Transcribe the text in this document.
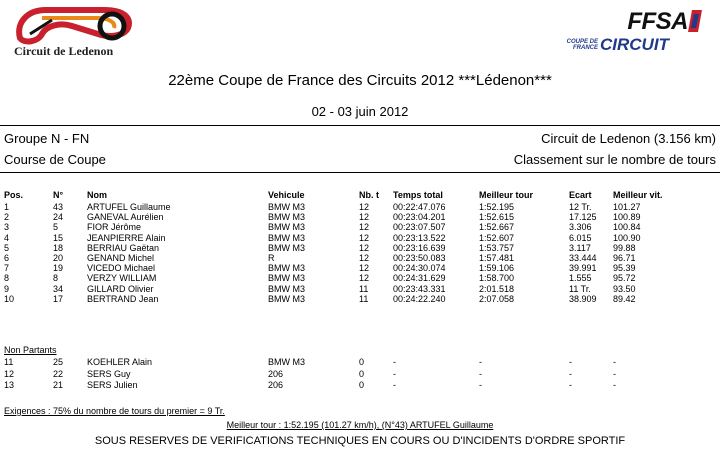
Circuit de Ledenon
FFSA
COUPE DE FRANCE CIRCUIT
22ème Coupe de France des Circuits 2012 ***Lédenon***
02 - 03 juin 2012
Groupe N - FN
Course de Coupe
Circuit de Ledenon (3.156 km)
Classement sur le nombre de tours
Pos.	N°	Nom	Vehicule	Nb. t	Temps total	Meilleur tour	Ecart	Meilleur vit.
1	43	ARTUFEL Guillaume	BMW M3	12	00:22:47.076	1:52.195	12 Tr.	101.27
2	24	GANEVAL Aurélien	BMW M3	12	00:23:04.201	1:52.615	17.125	100.89
3	5	FIOR Jérôme	BMW M3	12	00:23:07.507	1:52.667	3.306	100.84
4	15	JEANPIERRE Alain	BMW M3	12	00:23:13.522	1:52.607	6.015	100.90
5	18	BERRIAU Gaëtan	BMW M3	12	00:23:16.639	1:53.757	3.117	99.88
6	20	GENAND Michel	R	12	00:23:50.083	1:57.481	33.444	96.71
7	19	VICEDO Michael	BMW M3	12	00:24:30.074	1:59.106	39.991	95.39
8	8	VERZY WILLIAM	BMW M3	12	00:24:31.629	1:58.700	1.555	95.72
9	34	GILLARD Olivier	BMW M3	11	00:23:43.331	2:01.518	11 Tr.	93.50
10	17	BERTRAND Jean	BMW M3	11	00:24:22.240	2:07.058	38.909	89.42
Non Partants
11	25	KOEHLER Alain	BMW M3	0	-	-	-	-
12	22	SERS Guy	206	0	-	-	-	-
13	21	SERS Julien	206	0	-	-	-	-
Exigences : 75% du nombre de tours du premier = 9 Tr.
Meilleur tour : 1:52.195 (101.27 km/h), (N°43) ARTUFEL Guillaume
SOUS RESERVES DE VERIFICATIONS TECHNIQUES EN COURS OU D'INCIDENTS D'ORDRE SPORTIF
